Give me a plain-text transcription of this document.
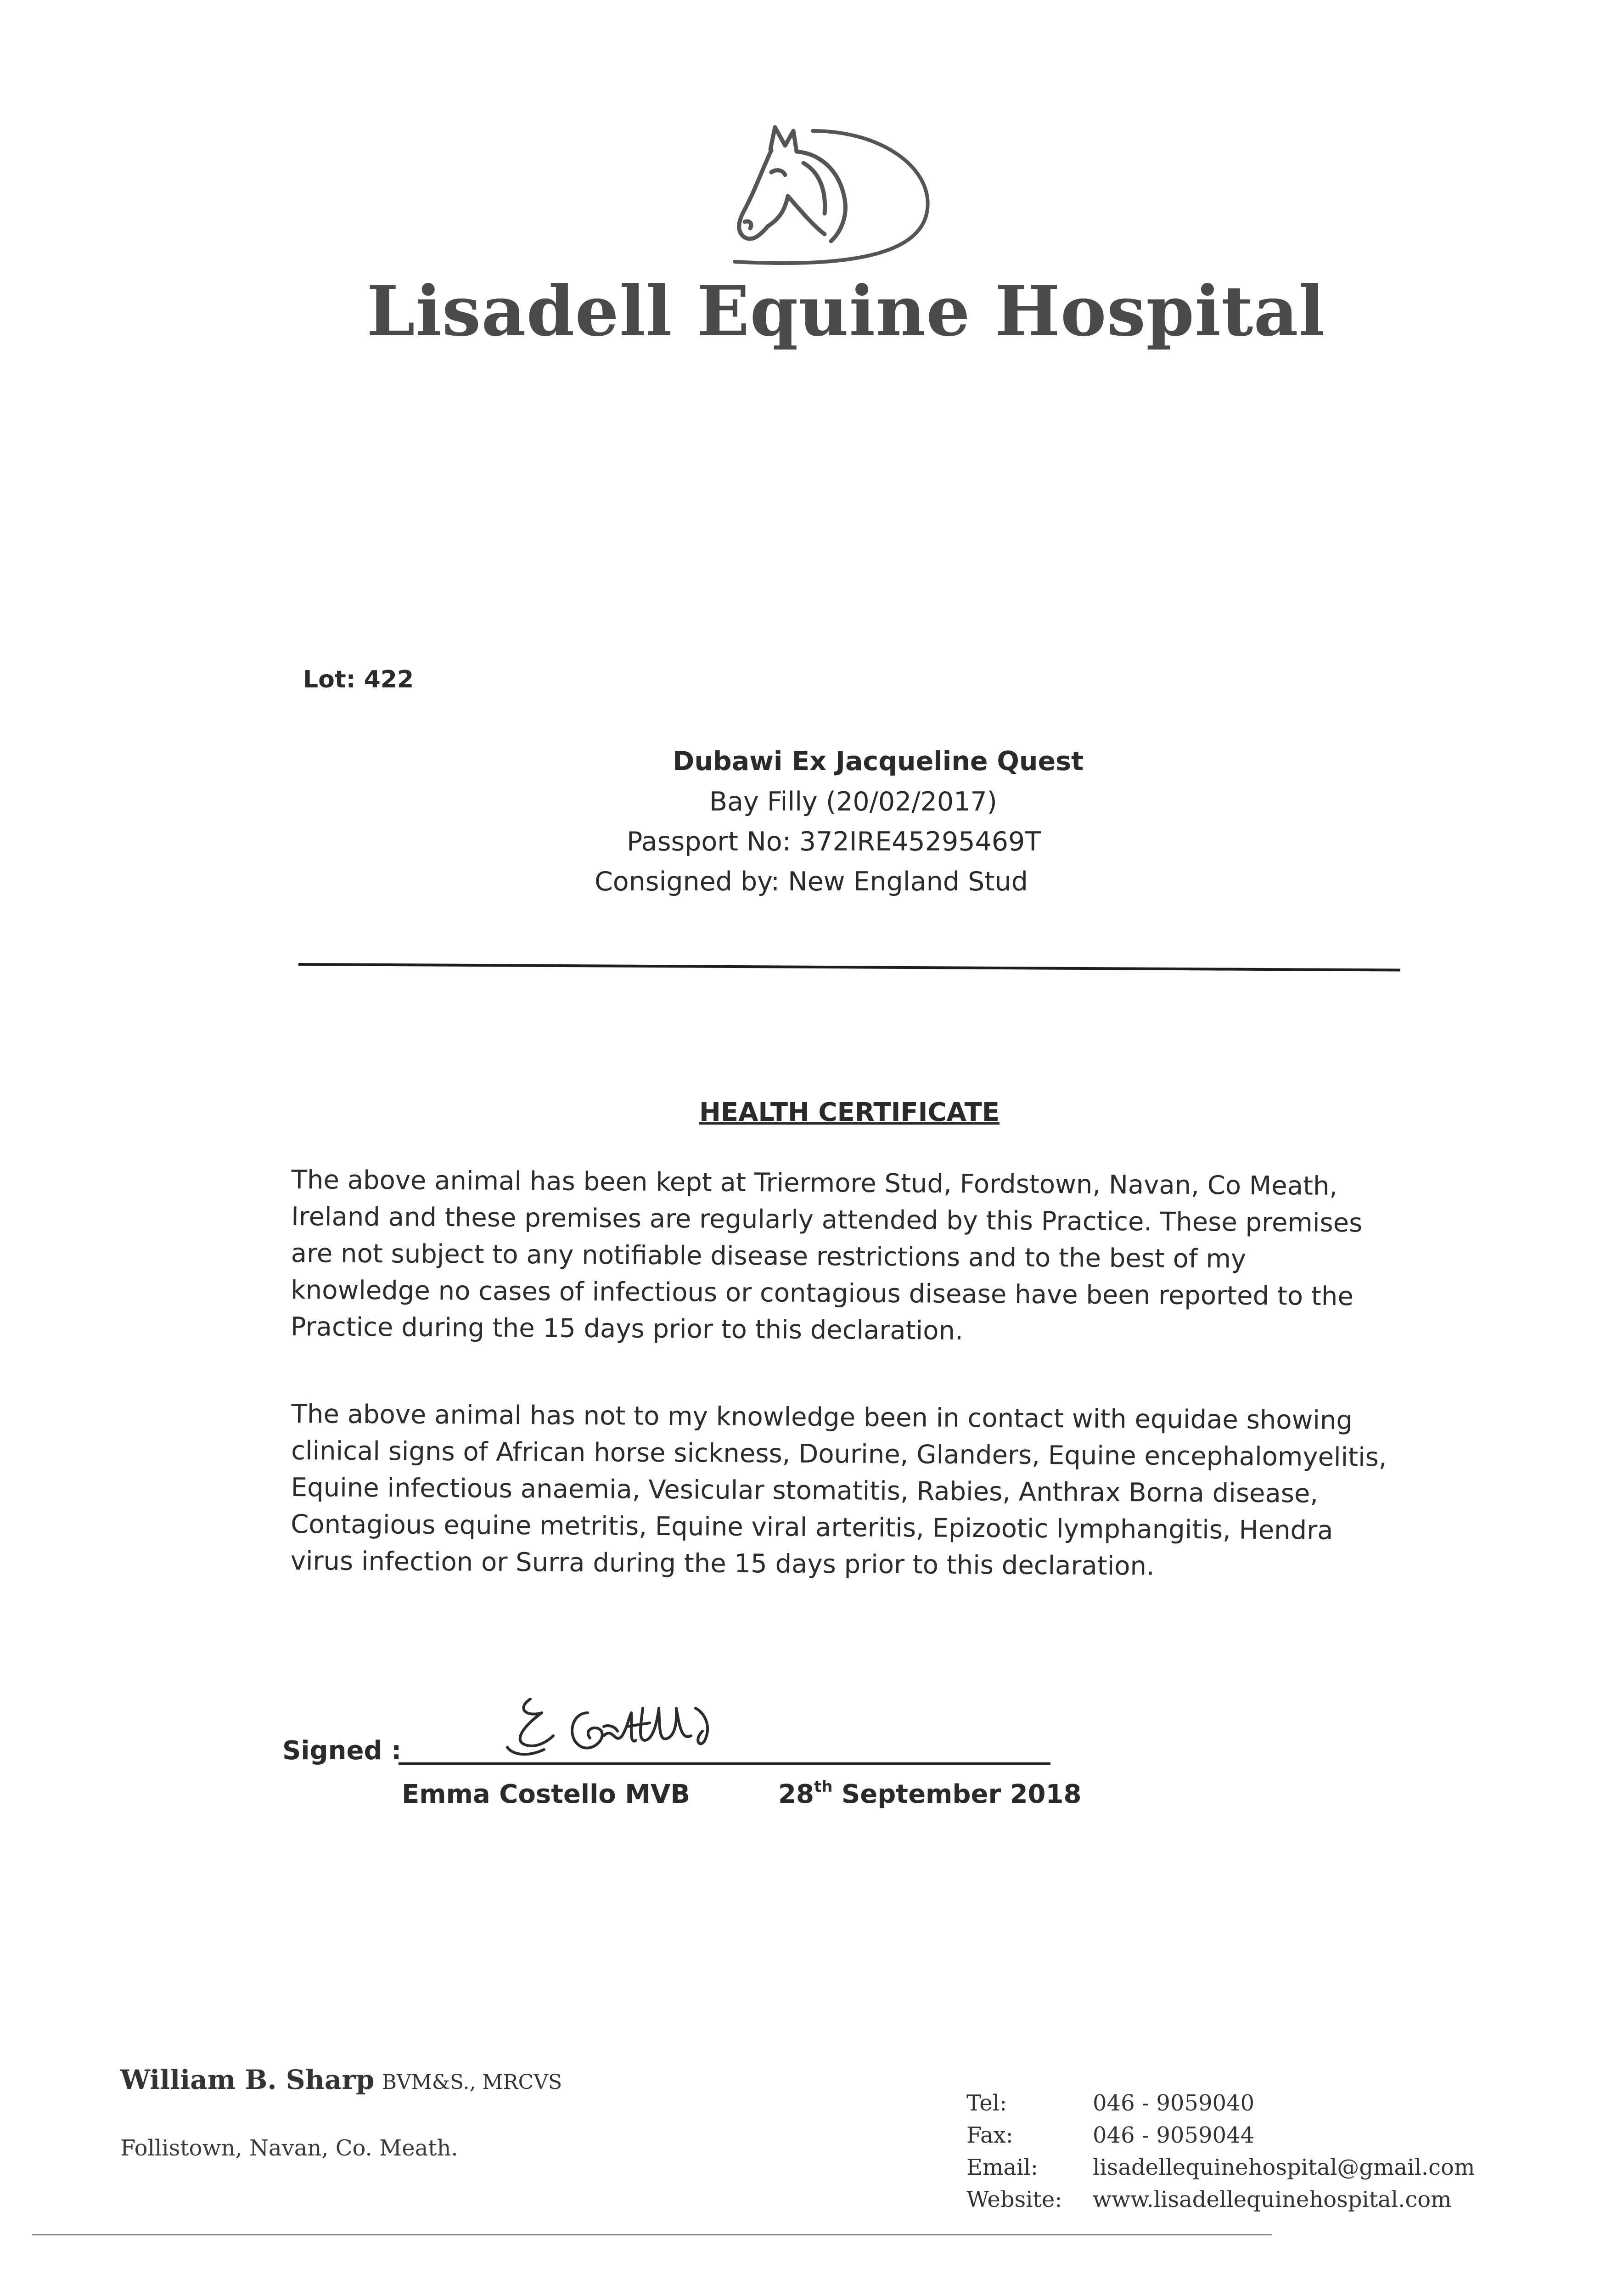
Lisadell Equine Hospital
Lot: 422
Dubawi Ex Jacqueline Quest
Bay Filly (20/02/2017)
Passport No: 372IRE45295469T
Consigned by: New England Stud
HEALTH CERTIFICATE
The above animal has been kept at Triermore Stud, Fordstown, Navan, Co Meath,
Ireland and these premises are regularly attended by this Practice. These premises
are not subject to any notifiable disease restrictions and to the best of my
knowledge no cases of infectious or contagious disease have been reported to the
Practice during the 15 days prior to this declaration.
The above animal has not to my knowledge been in contact with equidae showing
clinical signs of African horse sickness, Dourine, Glanders, Equine encephalomyelitis,
Equine infectious anaemia, Vesicular stomatitis, Rabies, Anthrax Borna disease,
Contagious equine metritis, Equine viral arteritis, Epizootic lymphangitis, Hendra
virus infection or Surra during the 15 days prior to this declaration.
Signed :
Emma Costello MVB	28th September 2018
William B. Sharp BVM&S., MRCVS
Follistown, Navan, Co. Meath.
Tel:	046 - 9059040
Fax:	046 - 9059044
Email: lisadellequinehospital@gmail.com
Website: www.lisadellequinehospital.com
